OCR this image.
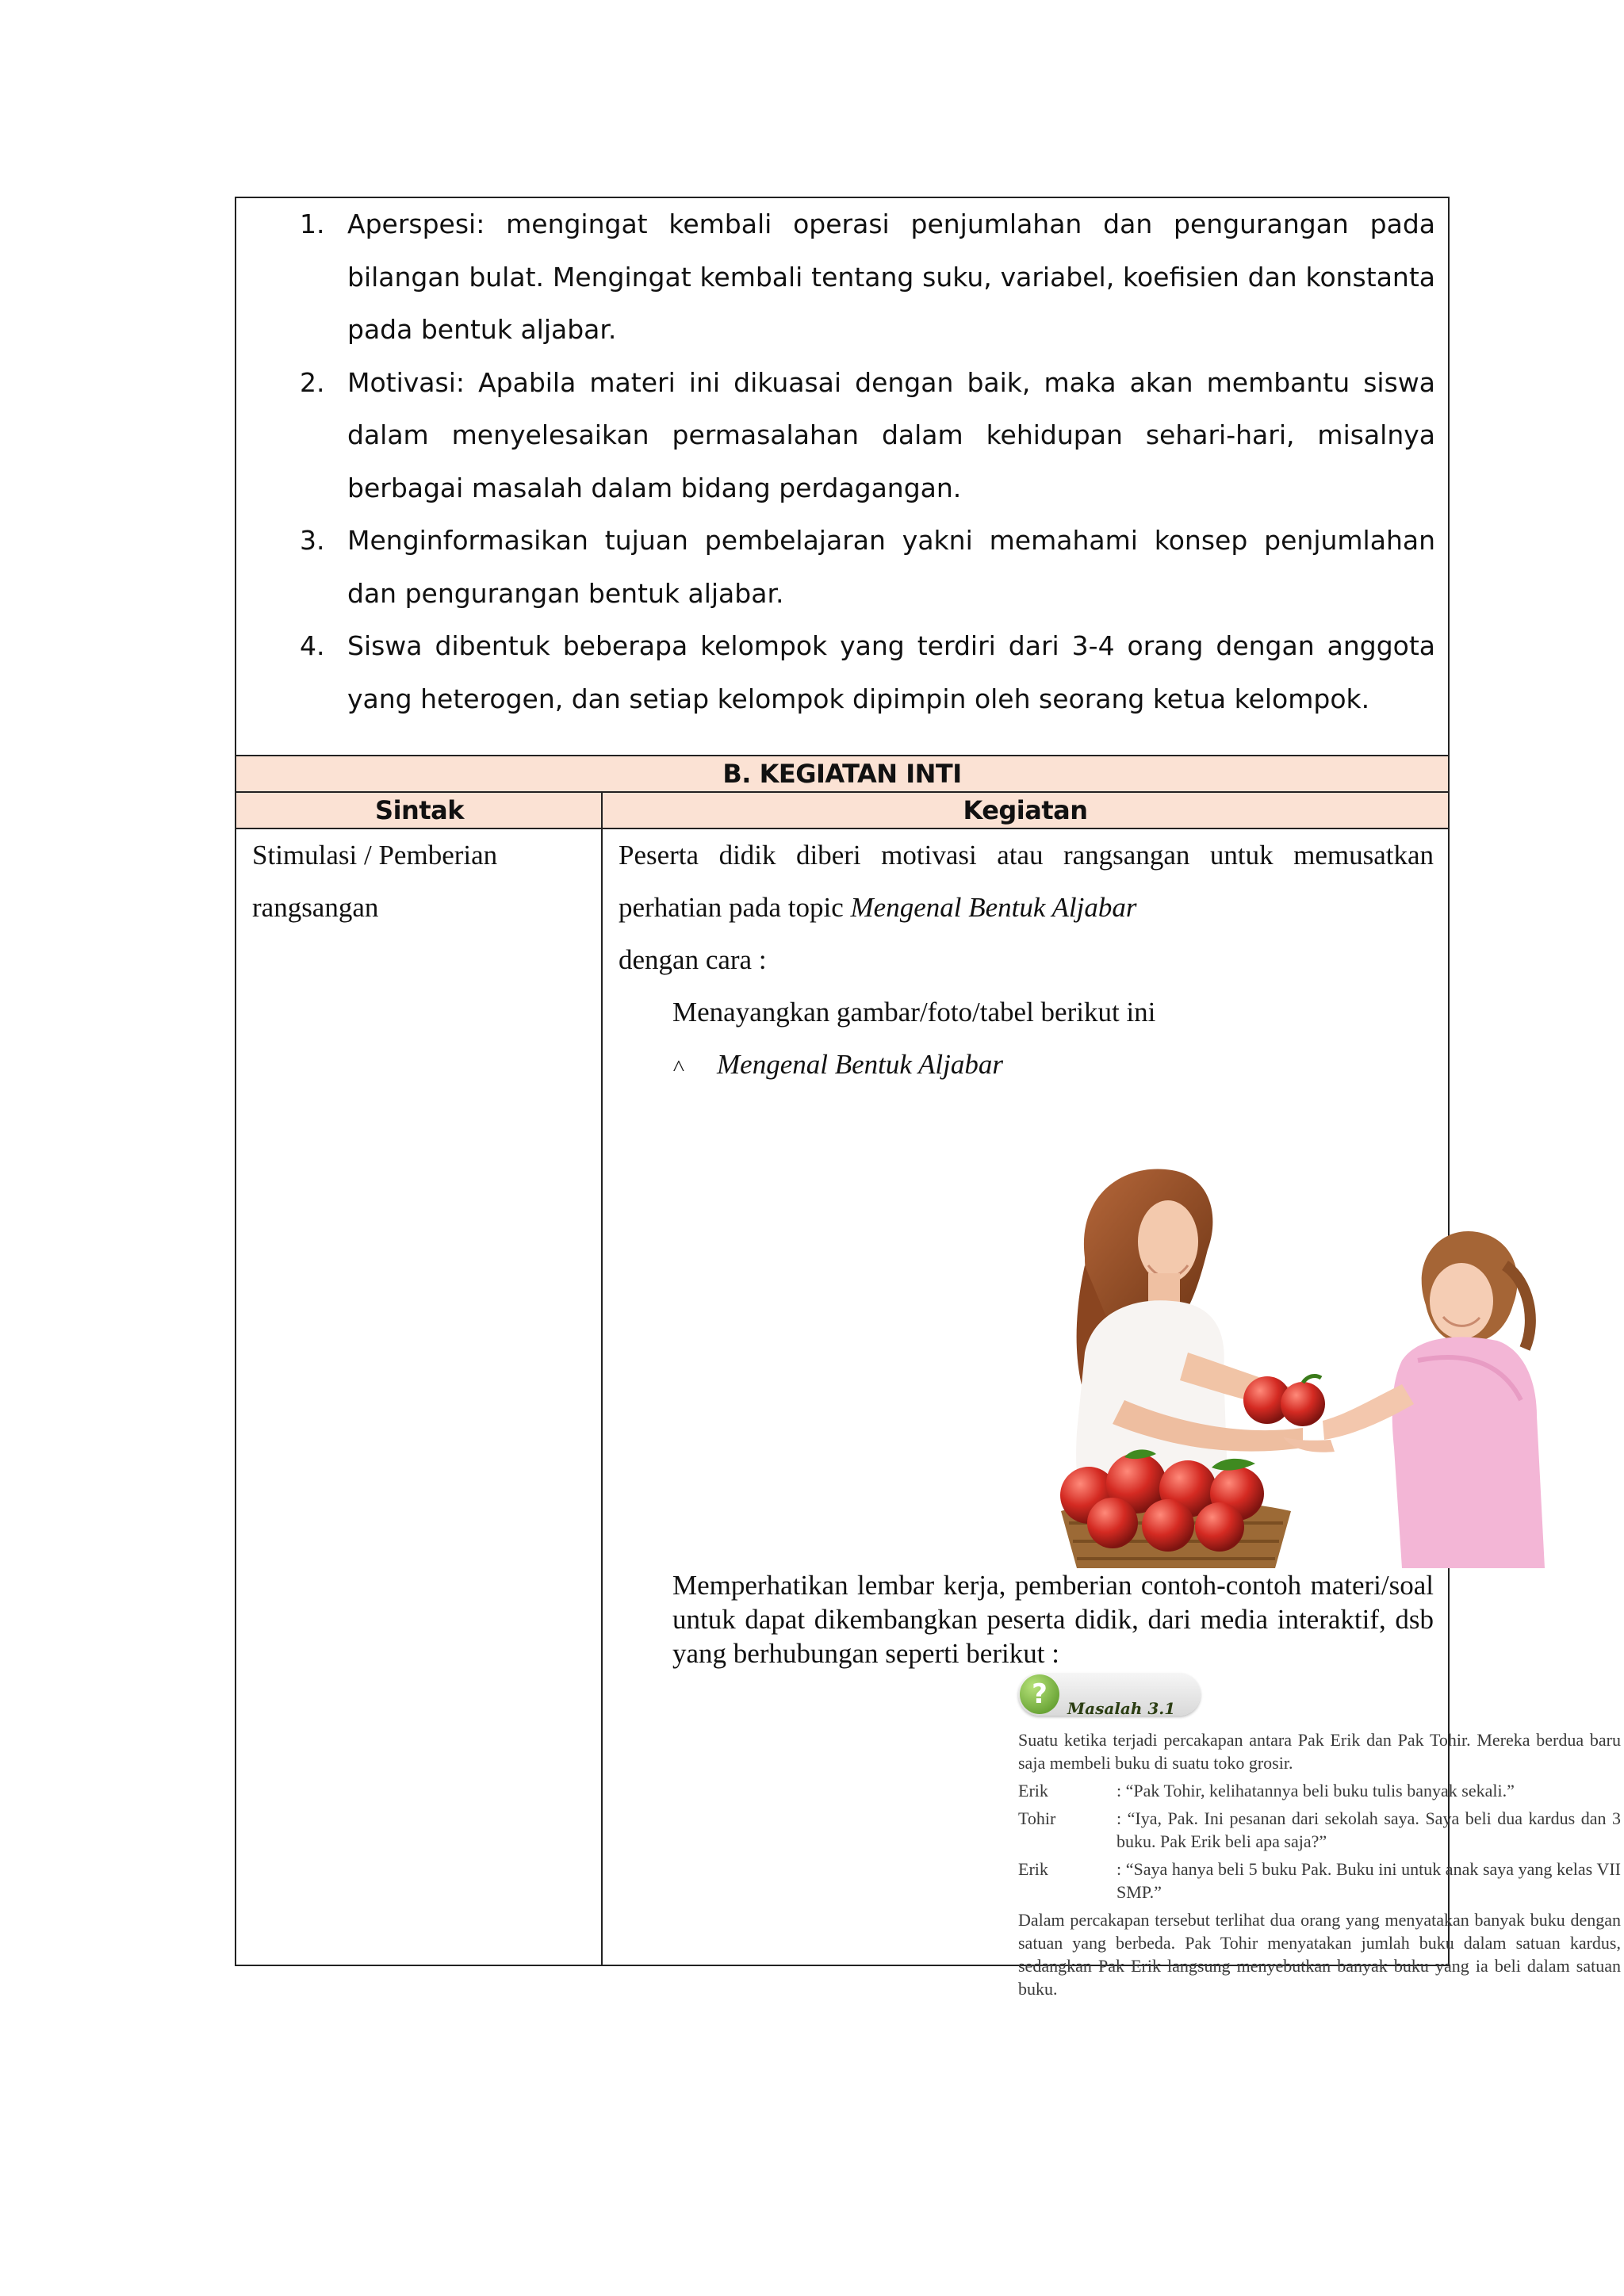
1. Aperspesi: mengingat kembali operasi penjumlahan dan pengurangan pada bilangan bulat. Mengingat kembali tentang suku, variabel, koefisien dan konstanta pada bentuk aljabar.
2. Motivasi: Apabila materi ini dikuasai dengan baik, maka akan membantu siswa dalam menyelesaikan permasalahan dalam kehidupan sehari-hari, misalnya berbagai masalah dalam bidang perdagangan.
3. Menginformasikan tujuan pembelajaran yakni memahami konsep penjumlahan dan pengurangan bentuk aljabar.
4. Siswa dibentuk beberapa kelompok yang terdiri dari 3-4 orang dengan anggota yang heterogen, dan setiap kelompok dipimpin oleh seorang ketua kelompok.
B. KEGIATAN INTI
Sintak	Kegiatan
Stimulasi / Pemberian rangsangan
Peserta didik diberi motivasi atau rangsangan untuk memusatkan perhatian pada topic Mengenal Bentuk Aljabar
dengan cara :
Menayangkan gambar/foto/tabel berikut ini
˄ Mengenal Bentuk Aljabar
Memperhatikan lembar kerja, pemberian contoh-contoh materi/soal untuk dapat dikembangkan peserta didik, dari media interaktif, dsb yang berhubungan seperti berikut :
?	Masalah 3.1
Suatu ketika terjadi percakapan antara Pak Erik dan Pak Tohir. Mereka berdua baru saja membeli buku di suatu toko grosir.
Erik	: “Pak Tohir, kelihatannya beli buku tulis banyak sekali.”
Tohir	: “Iya, Pak. Ini pesanan dari sekolah saya. Saya beli dua kardus dan 3 buku. Pak Erik beli apa saja?”
Erik	: “Saya hanya beli 5 buku Pak. Buku ini untuk anak saya yang kelas VII SMP.”
Dalam percakapan tersebut terlihat dua orang yang menyatakan banyak buku dengan satuan yang berbeda. Pak Tohir menyatakan jumlah buku dalam satuan kardus, sedangkan Pak Erik langsung menyebutkan banyak buku yang ia beli dalam satuan buku.
